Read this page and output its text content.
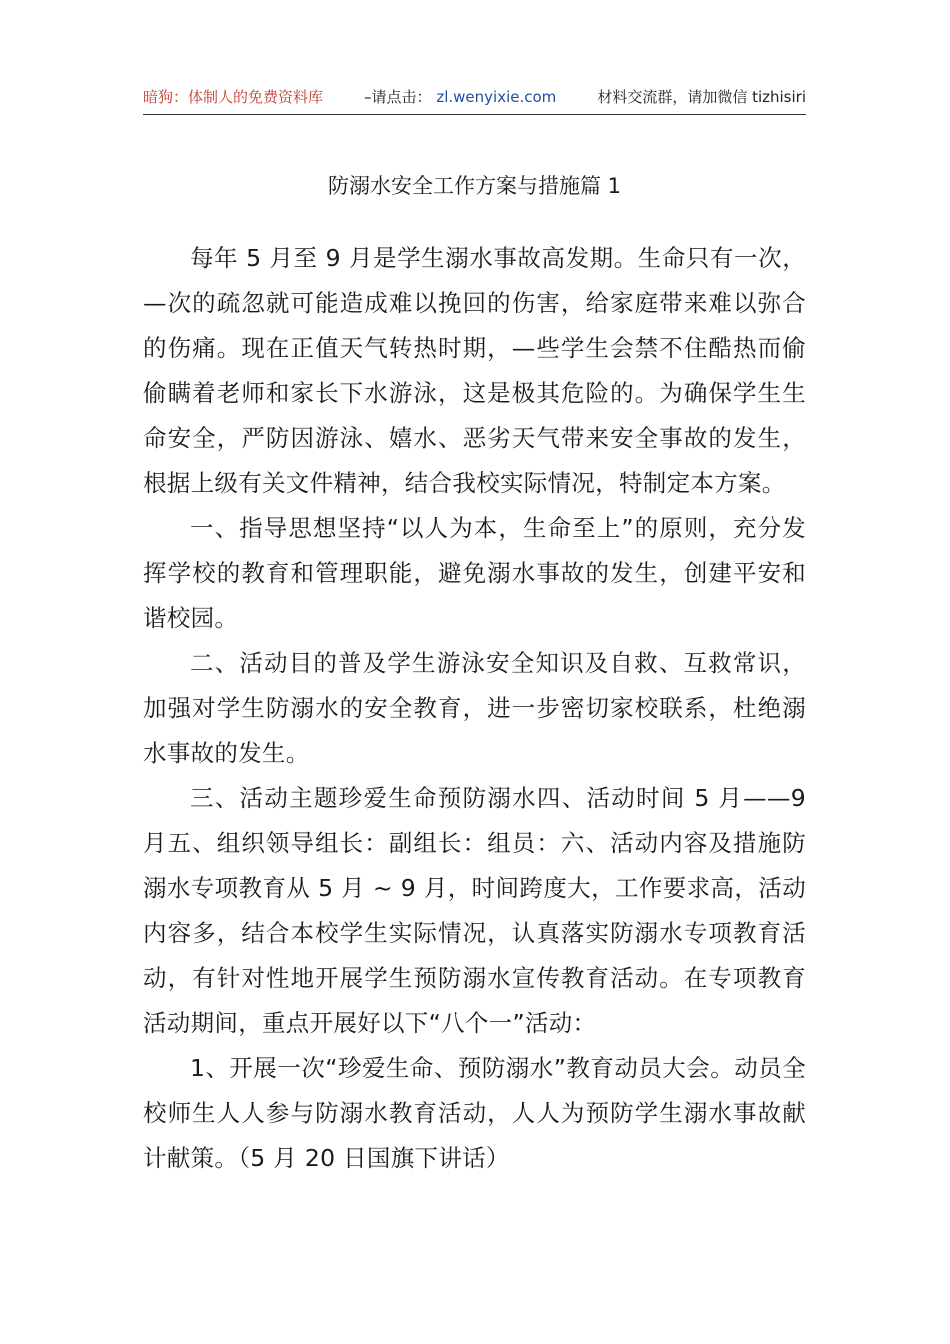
暗狗：体制人的免费资料库	–请点击： zl.wenyixie.com	材料交流群，请加微信 tizhisiri
防溺水安全工作方案与措施篇 1

每年 5 月至 9 月是学生溺水事故高发期。生命只有一次，—次的疏忽就可能造成难以挽回的伤害，给家庭带来难以弥合的伤痛。现在正值天气转热时期，—些学生会禁不住酷热而偷偷瞒着老师和家长下水游泳，这是极其危险的。为确保学生生命安全，严防因游泳、嬉水、恶劣天气带来安全事故的发生，根据上级有关文件精神，结合我校实际情况，特制定本方案。

一、指导思想坚持“以人为本，生命至上”的原则，充分发挥学校的教育和管理职能，避免溺水事故的发生，创建平安和谐校园。

二、活动目的普及学生游泳安全知识及自救、互救常识，加强对学生防溺水的安全教育，进一步密切家校联系，杜绝溺水事故的发生。

三、活动主题珍爱生命预防溺水四、活动时间 5 月——9 月五、组织领导组长：副组长：组员：六、活动内容及措施防溺水专项教育从 5 月 ~ 9 月，时间跨度大，工作要求高，活动内容多，结合本校学生实际情况，认真落实防溺水专项教育活动，有针对性地开展学生预防溺水宣传教育活动。在专项教育活动期间，重点开展好以下“八个一”活动：

1、开展一次“珍爱生命、预防溺水”教育动员大会。动员全校师生人人参与防溺水教育活动，人人为预防学生溺水事故献计献策。（5 月 20 日国旗下讲话）
